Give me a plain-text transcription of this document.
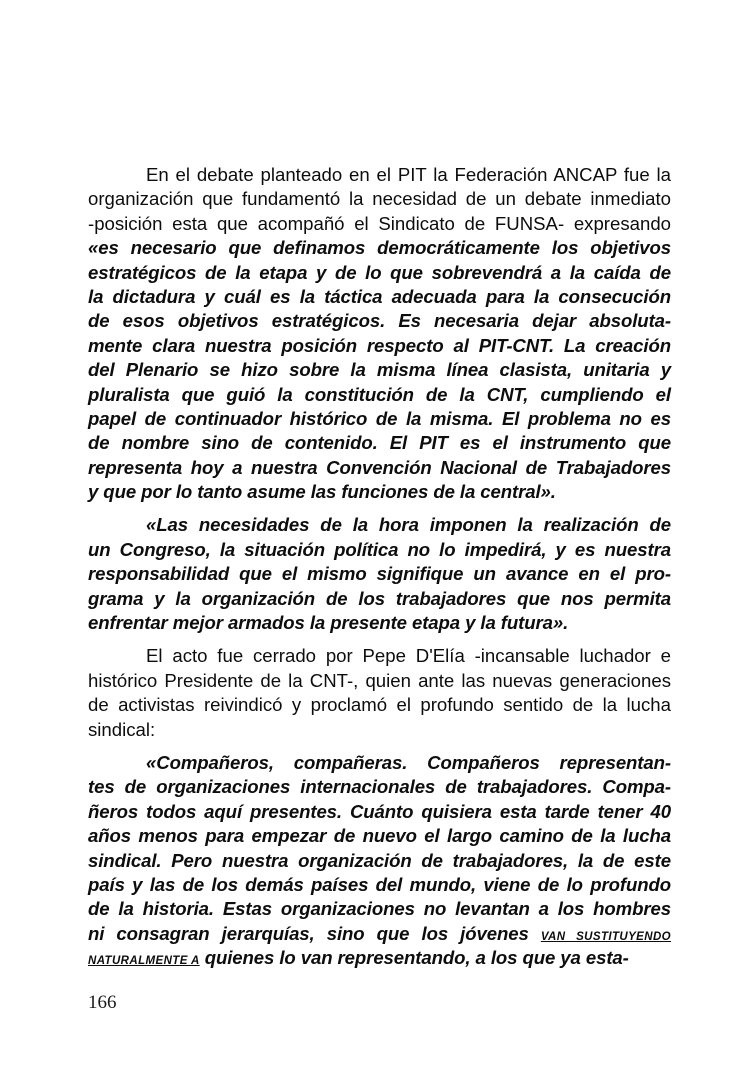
En el debate planteado en el PIT la Federación ANCAP fue la
organización que fundamentó la necesidad de un debate inmediato
-posición esta que acompañó el Sindicato de FUNSA- expresando
«es necesario que definamos democráticamente los objetivos
estratégicos de la etapa y de lo que sobrevendrá a la caída de
la dictadura y cuál es la táctica adecuada para la consecución
de esos objetivos estratégicos. Es necesaria dejar absoluta-
mente clara nuestra posición respecto al PIT-CNT. La creación
del Plenario se hizo sobre la misma línea clasista, unitaria y
pluralista que guió la constitución de la CNT, cumpliendo el
papel de continuador histórico de la misma. El problema no es
de nombre sino de contenido. El PIT es el instrumento que
representa hoy a nuestra Convención Nacional de Trabajadores
y que por lo tanto asume las funciones de la central».
«Las necesidades de la hora imponen la realización de
un Congreso, la situación política no lo impedirá, y es nuestra
responsabilidad que el mismo signifique un avance en el pro-
grama y la organización de los trabajadores que nos permita
enfrentar mejor armados la presente etapa y la futura».
El acto fue cerrado por Pepe D'Elía -incansable luchador e
histórico Presidente de la CNT-, quien ante las nuevas generaciones
de activistas reivindicó y proclamó el profundo sentido de la lucha
sindical:
«Compañeros, compañeras. Compañeros representan-
tes de organizaciones internacionales de trabajadores. Compa-
ñeros todos aquí presentes. Cuánto quisiera esta tarde tener 40
años menos para empezar de nuevo el largo camino de la lucha
sindical. Pero nuestra organización de trabajadores, la de este
país y las de los demás países del mundo, viene de lo profundo
de la historia. Estas organizaciones no levantan a los hombres
ni consagran jerarquías, sino que los jóvenes VAN SUSTITUYENDO
NATURALMENTE A quienes lo van representando, a los que ya esta-
166
